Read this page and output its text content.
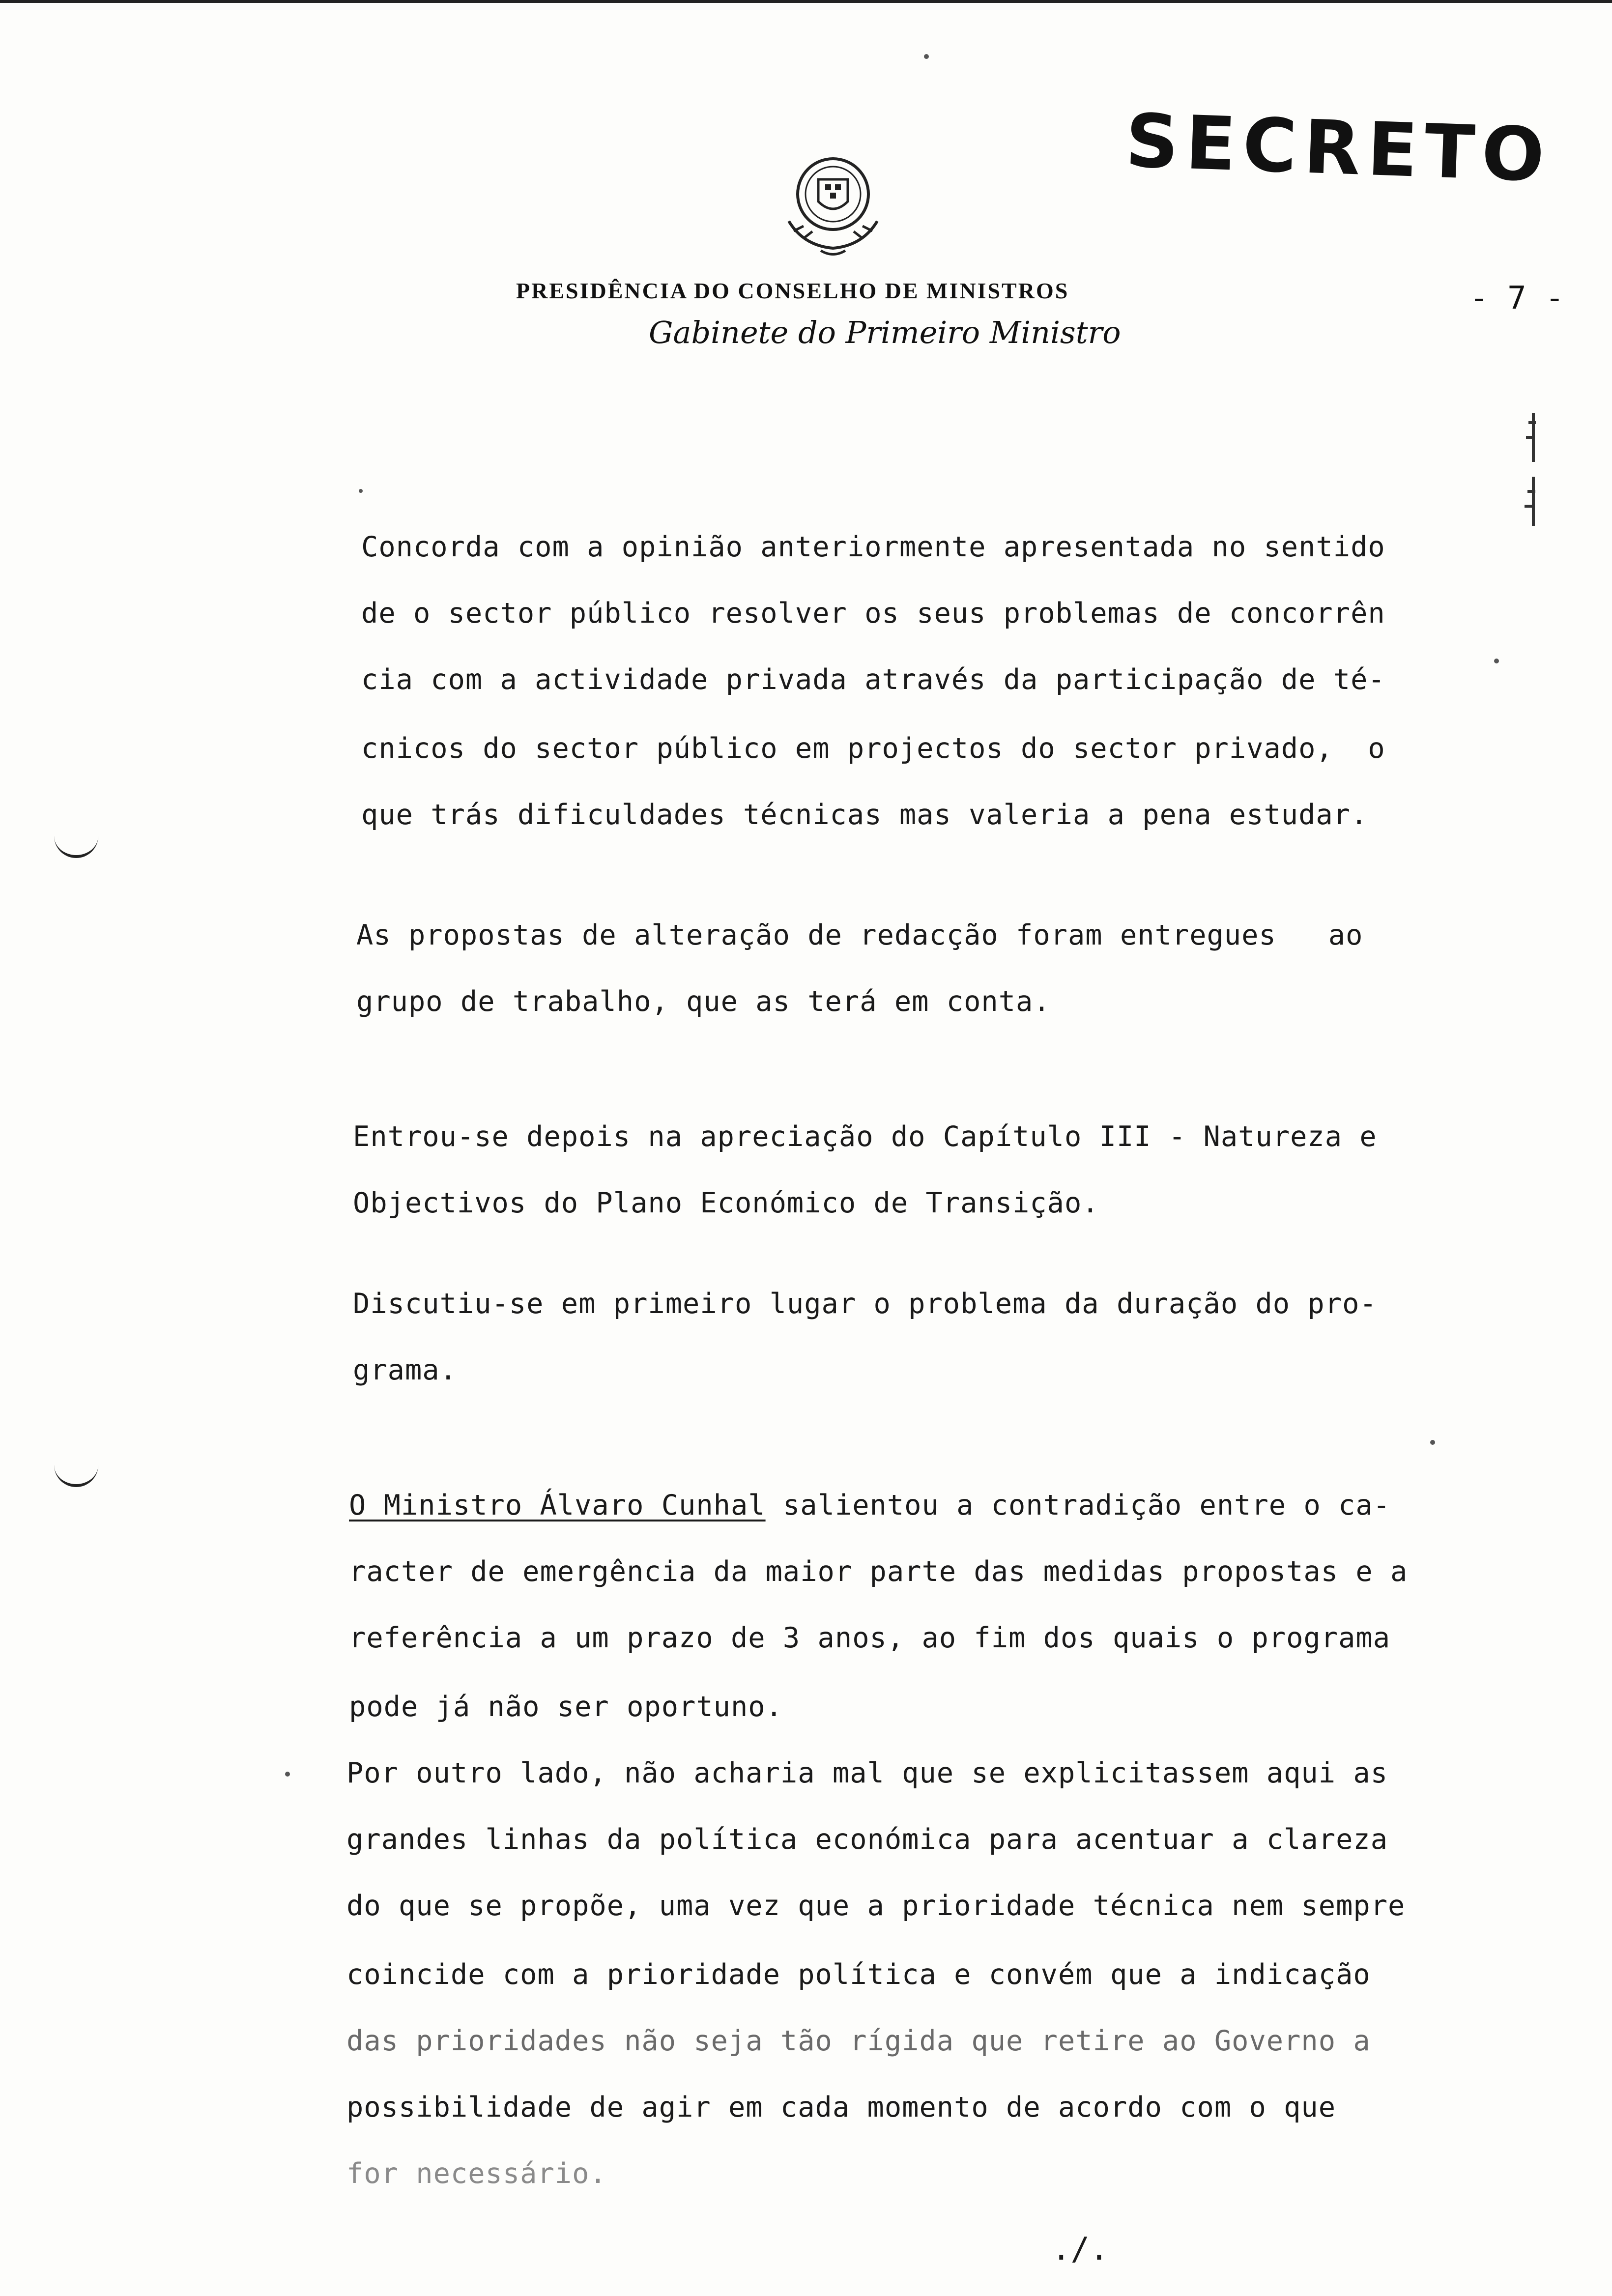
SECRETO
PRESIDÊNCIA DO CONSELHO DE MINISTROS
Gabinete do Primeiro Ministro
- 7 -
Concorda com a opinião anteriormente apresentada no sentido
de o sector público resolver os seus problemas de concorrên
cia com a actividade privada através da participação de té-
cnicos do sector público em projectos do sector privado,  o
que trás dificuldades técnicas mas valeria a pena estudar.
As propostas de alteração de redacção foram entregues   ao
grupo de trabalho, que as terá em conta.
Entrou-se depois na apreciação do Capítulo III - Natureza e
Objectivos do Plano Económico de Transição.
Discutiu-se em primeiro lugar o problema da duração do pro-
grama.
O Ministro Álvaro Cunhal salientou a contradição entre o ca-
racter de emergência da maior parte das medidas propostas e a
referência a um prazo de 3 anos, ao fim dos quais o programa
pode já não ser oportuno.
Por outro lado, não acharia mal que se explicitassem aqui as
grandes linhas da política económica para acentuar a clareza
do que se propõe, uma vez que a prioridade técnica nem sempre
coincide com a prioridade política e convém que a indicação
das prioridades não seja tão rígida que retire ao Governo a
possibilidade de agir em cada momento de acordo com o que
for necessário.
./.
